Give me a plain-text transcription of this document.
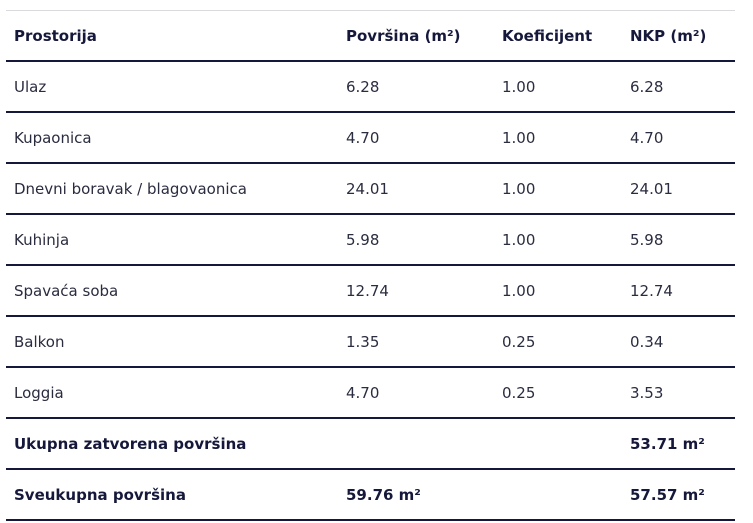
Prostorija	Površina (m²)	Koeficijent	NKP (m²)
Ulaz	6.28	1.00	6.28
Kupaonica	4.70	1.00	4.70
Dnevni boravak / blagovaonica	24.01	1.00	24.01
Kuhinja	5.98	1.00	5.98
Spavaća soba	12.74	1.00	12.74
Balkon	1.35	0.25	0.34
Loggia	4.70	0.25	3.53
Ukupna zatvorena površina			53.71 m²
Sveukupna površina	59.76 m²		57.57 m²
